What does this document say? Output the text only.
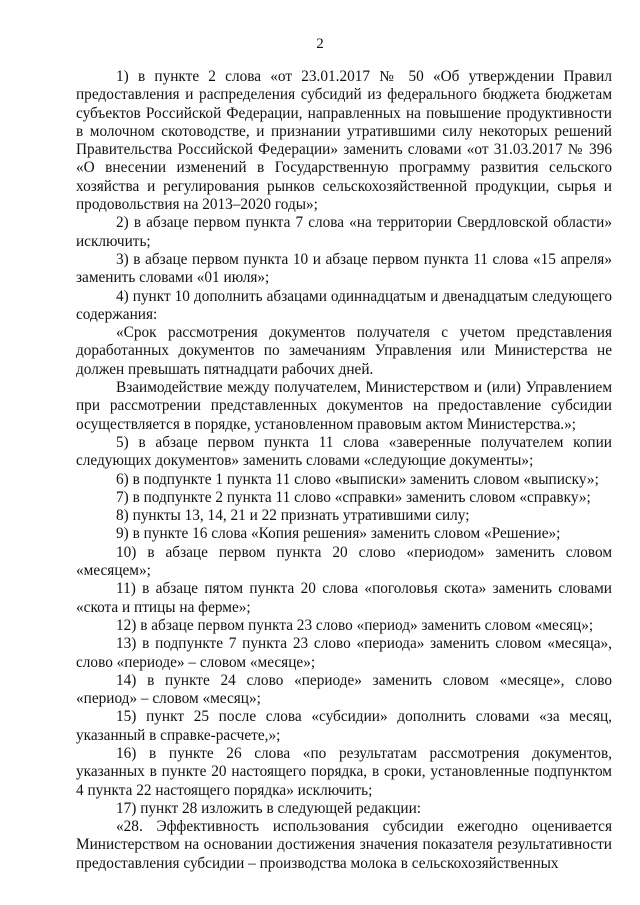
2

1) в пункте 2 слова «от 23.01.2017 № 50 «Об утверждении Правил предоставления и распределения субсидий из федерального бюджета бюджетам субъектов Российской Федерации, направленных на повышение продуктивности в молочном скотоводстве, и признании утратившими силу некоторых решений Правительства Российской Федерации» заменить словами «от 31.03.2017 № 396 «О внесении изменений в Государственную программу развития сельского хозяйства и регулирования рынков сельскохозяйственной продукции, сырья и продовольствия на 2013–2020 годы»;

2) в абзаце первом пункта 7 слова «на территории Свердловской области» исключить;

3) в абзаце первом пункта 10 и абзаце первом пункта 11 слова «15 апреля» заменить словами «01 июля»;

4) пункт 10 дополнить абзацами одиннадцатым и двенадцатым следующего содержания:

«Срок рассмотрения документов получателя с учетом представления доработанных документов по замечаниям Управления или Министерства не должен превышать пятнадцати рабочих дней.

Взаимодействие между получателем, Министерством и (или) Управлением при рассмотрении представленных документов на предоставление субсидии осуществляется в порядке, установленном правовым актом Министерства.»;

5) в абзаце первом пункта 11 слова «заверенные получателем копии следующих документов» заменить словами «следующие документы»;

6) в подпункте 1 пункта 11 слово «выписки» заменить словом «выписку»;

7) в подпункте 2 пункта 11 слово «справки» заменить словом «справку»;

8) пункты 13, 14, 21 и 22 признать утратившими силу;

9) в пункте 16 слова «Копия решения» заменить словом «Решение»;

10) в абзаце первом пункта 20 слово «периодом» заменить словом «месяцем»;

11) в абзаце пятом пункта 20 слова «поголовья скота» заменить словами «скота и птицы на ферме»;

12) в абзаце первом пункта 23 слово «период» заменить словом «месяц»;

13) в подпункте 7 пункта 23 слово «периода» заменить словом «месяца», слово «периоде» – словом «месяце»;

14) в пункте 24 слово «периоде» заменить словом «месяце», слово «период» – словом «месяц»;

15) пункт 25 после слова «субсидии» дополнить словами «за месяц, указанный в справке-расчете,»;

16) в пункте 26 слова «по результатам рассмотрения документов, указанных в пункте 20 настоящего порядка, в сроки, установленные подпунктом 4 пункта 22 настоящего порядка» исключить;

17) пункт 28 изложить в следующей редакции:

«28. Эффективность использования субсидии ежегодно оценивается Министерством на основании достижения значения показателя результативности предоставления субсидии – производства молока в сельскохозяйственных
